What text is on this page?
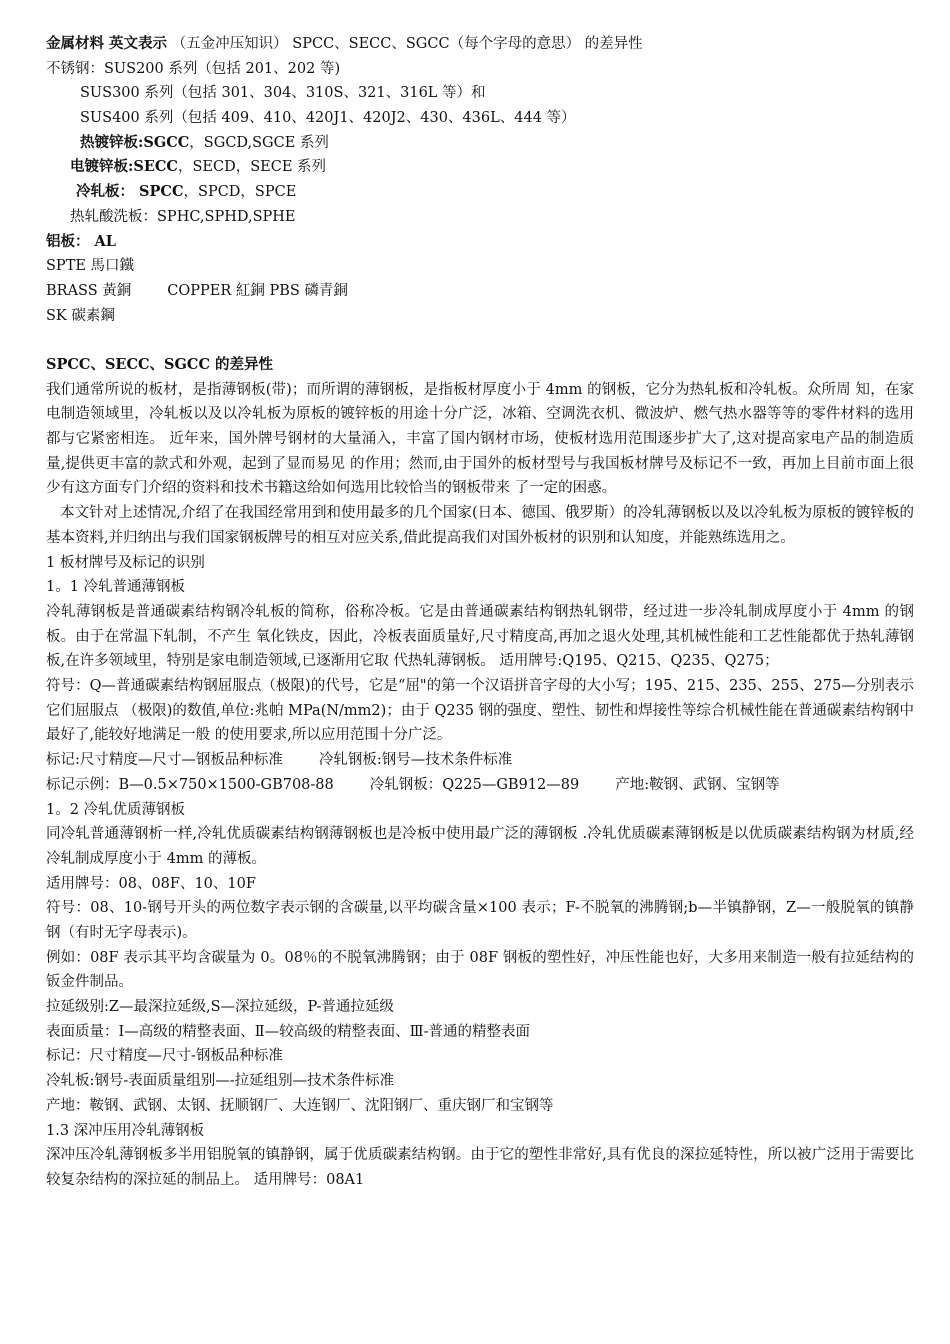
金属材料 英文表示 （五金冲压知识） SPCC、SECC、SGCC（每个字母的意思） 的差异性
不锈钢：SUS200 系列（包括 201、202 等)
SUS300 系列（包括 301、304、310S、321、316L 等）和
SUS400 系列（包括 409、410、420J1、420J2、430、436L、444 等）
热镀锌板:SGCC，SGCD,SGCE 系列
电镀锌板:SECC，SECD，SECE 系列
冷轧板： SPCC，SPCD，SPCE
热轧酸洗板：SPHC,SPHD,SPHE
铝板： AL
SPTE 馬口鐵
BRASS 黃銅 COPPER 紅銅 PBS 磷青銅
SK 碳素鋼
SPCC、SECC、SGCC 的差异性
我们通常所说的板材，是指薄钢板(带)；而所谓的薄钢板，是指板材厚度小于 4mm 的钢板，它分为热轧板和冷轧板。众所周 知，在家电制造领域里，冷轧板以及以冷轧板为原板的镀锌板的用途十分广泛，冰箱、空调洗衣机、微波炉、燃气热水器等等的零件材料的选用都与它紧密相连。 近年来，国外牌号钢材的大量涌入，丰富了国内钢材市场，使板材选用范围逐步扩大了,这对提高家电产品的制造质量,提供更丰富的款式和外观，起到了显而易见 的作用；然而,由于国外的板材型号与我国板材牌号及标记不一致，再加上目前市面上很少有这方面专门介绍的资料和技术书籍这给如何选用比较恰当的钢板带来 了一定的困惑。
本文针对上述情况,介绍了在我国经常用到和使用最多的几个国家(日本、德国、俄罗斯）的冷轧薄钢板以及以冷轧板为原板的镀锌板的基本资料,并归纳出与我们国家钢板牌号的相互对应关系,借此提高我们对国外板材的识别和认知度，并能熟练选用之。
1 板材牌号及标记的识别
1。1 冷轧普通薄钢板
冷轧薄钢板是普通碳素结构钢冷轧板的简称，俗称冷板。它是由普通碳素结构钢热轧钢带，经过进一步冷轧制成厚度小于 4mm 的钢板。由于在常温下轧制，不产生 氧化铁皮，因此，冷板表面质量好,尺寸精度高,再加之退火处理,其机械性能和工艺性能都优于热轧薄钢板,在许多领域里，特别是家电制造领域,已逐渐用它取 代热轧薄钢板。 适用牌号:Q195、Q215、Q235、Q275；
符号：Q—普通碳素结构钢屈服点（极限)的代号，它是“屈"的第一个汉语拼音字母的大小写；195、215、235、255、275—分别表示它们屈服点 （极限)的数值,单位:兆帕 MPa(N/mm2)；由于 Q235 钢的强度、塑性、韧性和焊接性等综合机械性能在普通碳素结构钢中最好了,能较好地满足一般 的使用要求,所以应用范围十分广泛。
标记:尺寸精度—尺寸—钢板品种标准 冷轧钢板:钢号—技术条件标准
标记示例：B—0.5×750×1500-GB708-88 冷轧钢板：Q225—GB912—89 产地:鞍钢、武钢、宝钢等
1。2 冷轧优质薄钢板
同冷轧普通薄钢析一样,冷轧优质碳素结构钢薄钢板也是冷板中使用最广泛的薄钢板 .冷轧优质碳素薄钢板是以优质碳素结构钢为材质,经冷轧制成厚度小于 4mm 的薄板。
适用牌号：08、08F、10、10F
符号：08、10-钢号开头的两位数字表示钢的含碳量,以平均碳含量×100 表示；F-不脱氧的沸腾钢;b—半镇静钢，Z—一般脱氧的镇静钢（有时无字母表示)。
例如：08F 表示其平均含碳量为 0。08％的不脱氧沸腾钢；由于 08F 钢板的塑性好，冲压性能也好，大多用来制造一般有拉延结构的钣金件制品。
拉延级别:Z—最深拉延级,S—深拉延级，P-普通拉延级
表面质量：Ⅰ—高级的精整表面、Ⅱ—较高级的精整表面、Ⅲ-普通的精整表面
标记：尺寸精度—尺寸-钢板品种标准
冷轧板:钢号-表面质量组别—-拉延组别—技术条件标准
产地：鞍钢、武钢、太钢、抚顺钢厂、大连钢厂、沈阳钢厂、重庆钢厂和宝钢等
1.3 深冲压用冷轧薄钢板
深冲压冷轧薄钢板多半用铝脱氧的镇静钢，属于优质碳素结构钢。由于它的塑性非常好,具有优良的深拉延特性，所以被广泛用于需要比较复杂结构的深拉延的制品上。 适用牌号：08A1
